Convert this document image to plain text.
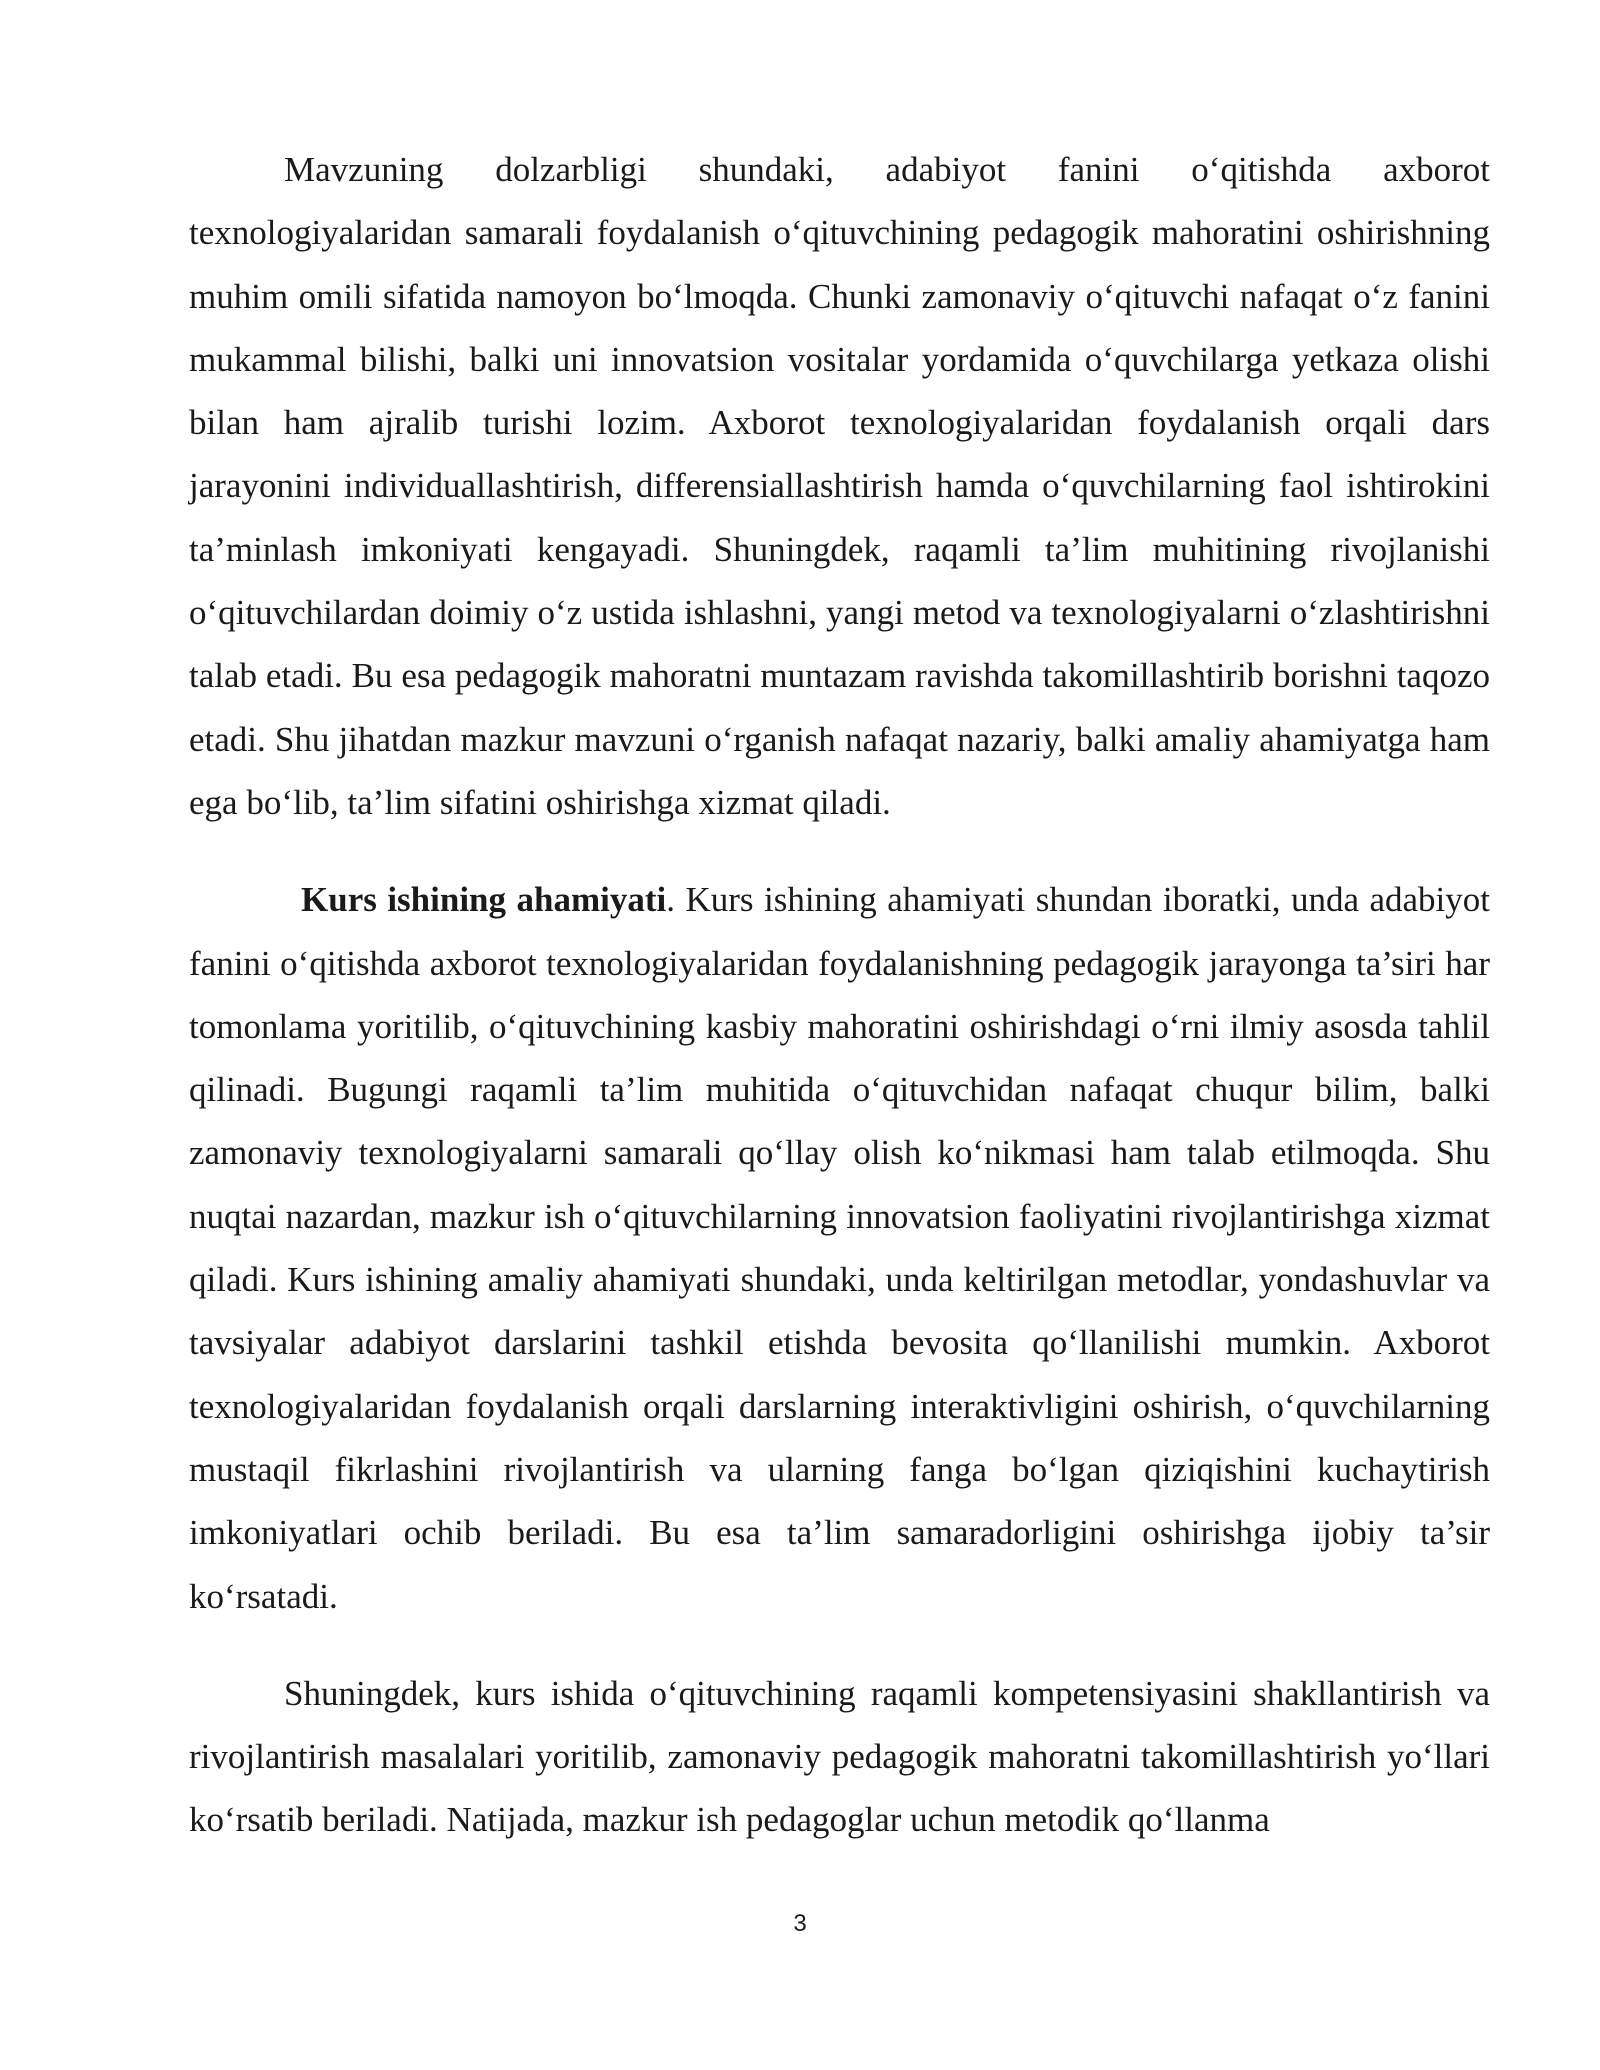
Mavzuning dolzarbligi shundaki, adabiyot fanini o‘qitishda axborot texnologiyalaridan samarali foydalanish o‘qituvchining pedagogik mahoratini oshirishning muhim omili sifatida namoyon bo‘lmoqda. Chunki zamonaviy o‘qituvchi nafaqat o‘z fanini mukammal bilishi, balki uni innovatsion vositalar yordamida o‘quvchilarga yetkaza olishi bilan ham ajralib turishi lozim. Axborot texnologiyalaridan foydalanish orqali dars jarayonini individuallashtirish, differensiallashtirish hamda o‘quvchilarning faol ishtirokini ta’minlash imkoniyati kengayadi. Shuningdek, raqamli ta’lim muhitining rivojlanishi o‘qituvchilardan doimiy o‘z ustida ishlashni, yangi metod va texnologiyalarni o‘zlashtirishni talab etadi. Bu esa pedagogik mahoratni muntazam ravishda takomillashtirib borishni taqozo etadi. Shu jihatdan mazkur mavzuni o‘rganish nafaqat nazariy, balki amaliy ahamiyatga ham ega bo‘lib, ta’lim sifatini oshirishga xizmat qiladi.

Kurs ishining ahamiyati. Kurs ishining ahamiyati shundan iboratki, unda adabiyot fanini o‘qitishda axborot texnologiyalaridan foydalanishning pedagogik jarayonga ta’siri har tomonlama yoritilib, o‘qituvchining kasbiy mahoratini oshirishdagi o‘rni ilmiy asosda tahlil qilinadi. Bugungi raqamli ta’lim muhitida o‘qituvchidan nafaqat chuqur bilim, balki zamonaviy texnologiyalarni samarali qo‘llay olish ko‘nikmasi ham talab etilmoqda. Shu nuqtai nazardan, mazkur ish o‘qituvchilarning innovatsion faoliyatini rivojlantirishga xizmat qiladi. Kurs ishining amaliy ahamiyati shundaki, unda keltirilgan metodlar, yondashuvlar va tavsiyalar adabiyot darslarini tashkil etishda bevosita qo‘llanilishi mumkin. Axborot texnologiyalaridan foydalanish orqali darslarning interaktivligini oshirish, o‘quvchilarning mustaqil fikrlashini rivojlantirish va ularning fanga bo‘lgan qiziqishini kuchaytirish imkoniyatlari ochib beriladi. Bu esa ta’lim samaradorligini oshirishga ijobiy ta’sir ko‘rsatadi.

Shuningdek, kurs ishida o‘qituvchining raqamli kompetensiyasini shakllantirish va rivojlantirish masalalari yoritilib, zamonaviy pedagogik mahoratni takomillashtirish yo‘llari ko‘rsatib beriladi. Natijada, mazkur ish pedagoglar uchun metodik qo‘llanma

3
